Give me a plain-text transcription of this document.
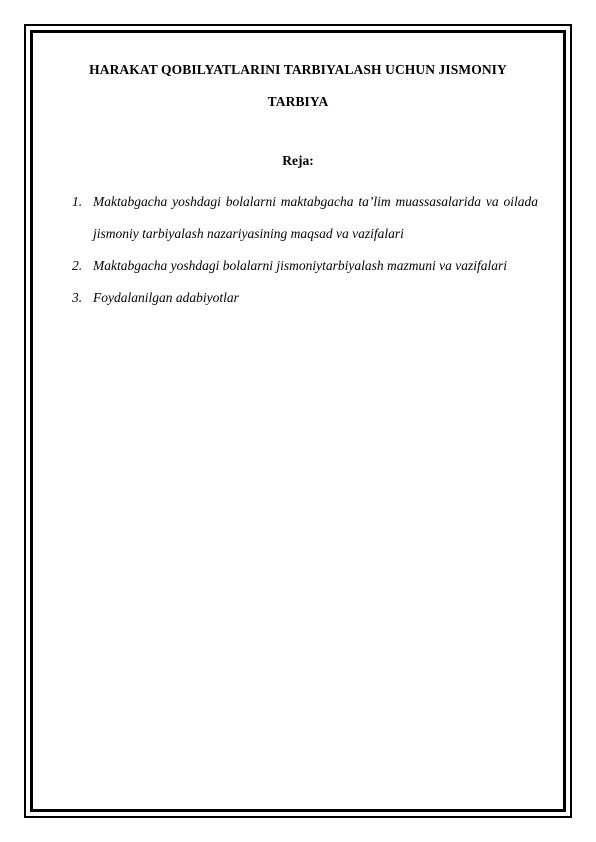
HARAKAT QOBILYATLARINI TARBIYALASH UCHUN JISMONIY
TARBIYA
Reja:
1. Maktabgacha yoshdagi bolalarni maktabgacha ta’lim muassasalarida va oilada jismoniy tarbiyalash nazariyasining maqsad va vazifalari
2. Maktabgacha yoshdagi bolalarni jismoniytarbiyalash mazmuni va vazifalari
3. Foydalanilgan adabiyotlar
